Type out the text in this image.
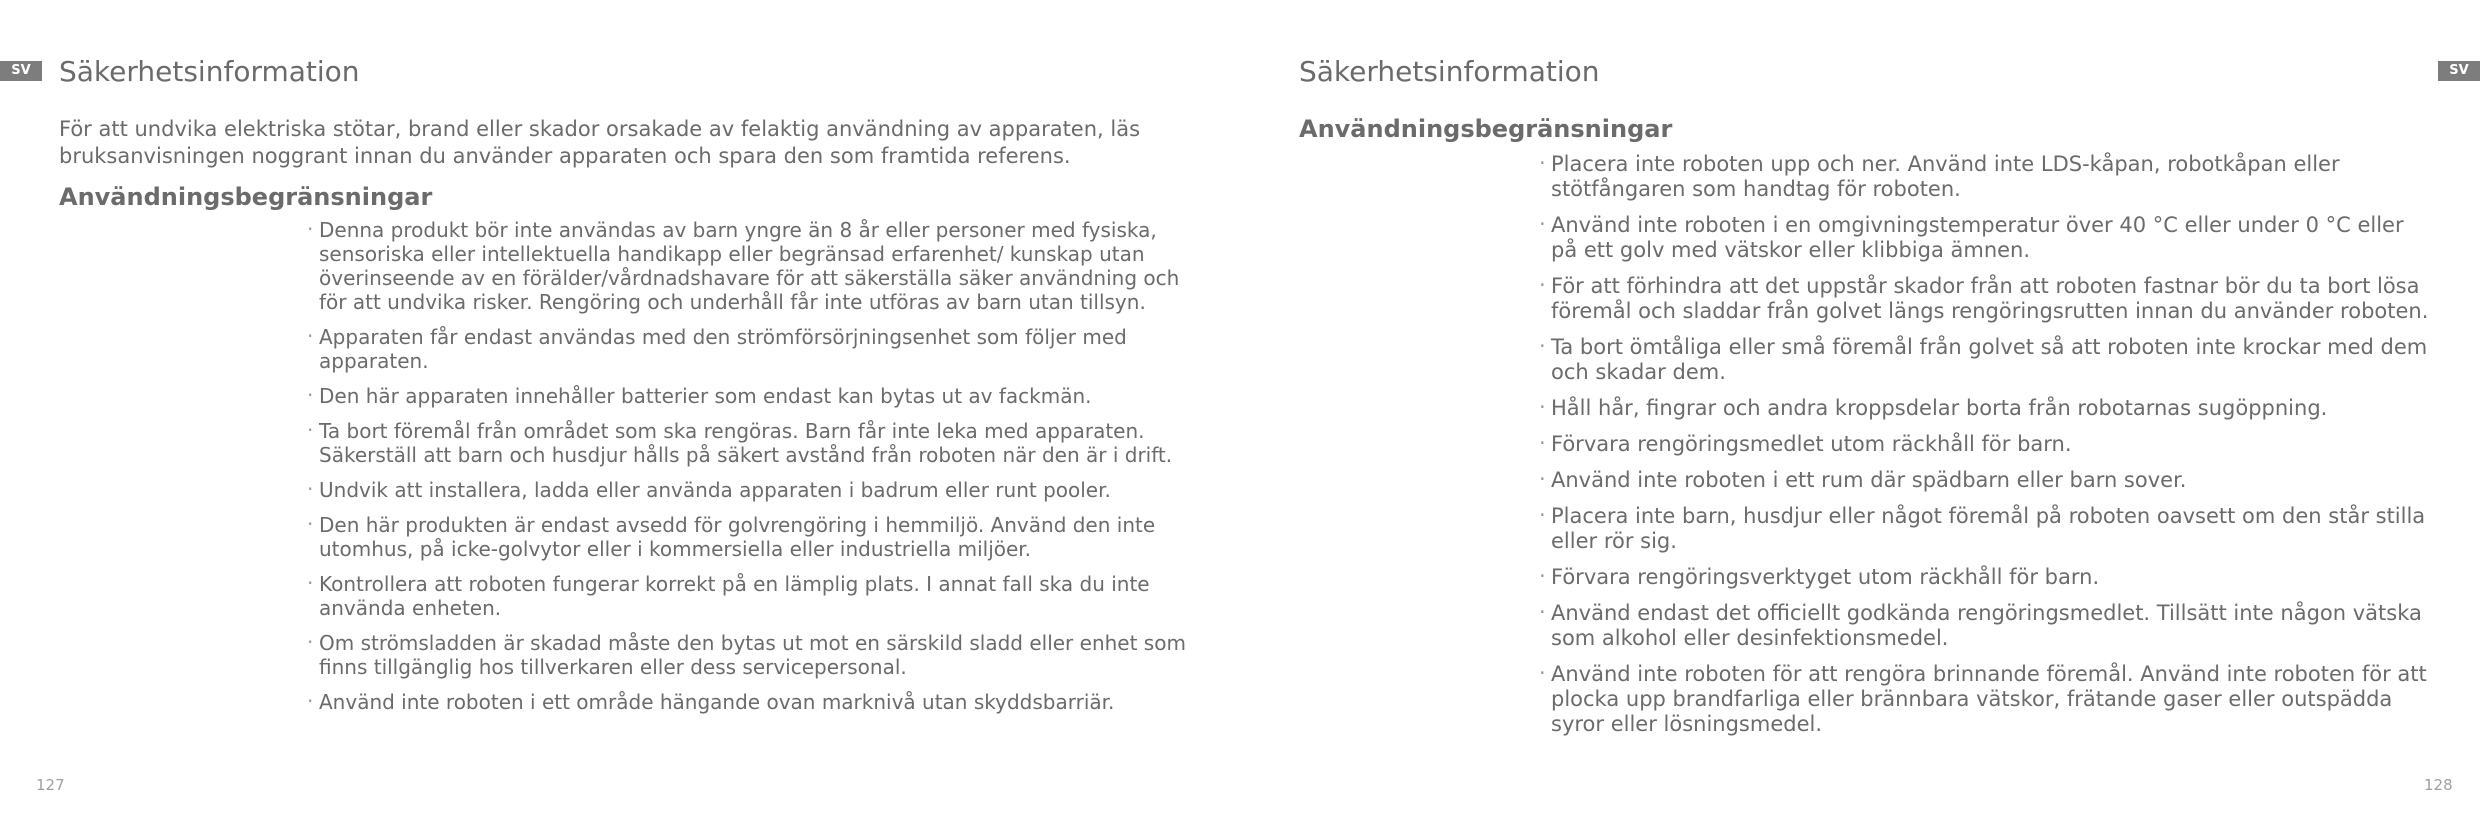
SV	Säkerhetsinformation

För att undvika elektriska stötar, brand eller skador orsakade av felaktig användning av apparaten, läs bruksanvisningen noggrant innan du använder apparaten och spara den som framtida referens.

Användningsbegränsningar
· Denna produkt bör inte användas av barn yngre än 8 år eller personer med fysiska, sensoriska eller intellektuella handikapp eller begränsad erfarenhet/ kunskap utan överinseende av en förälder/vårdnadshavare för att säkerställa säker användning och för att undvika risker. Rengöring och underhåll får inte utföras av barn utan tillsyn.
· Apparaten får endast användas med den strömförsörjningsenhet som följer med apparaten.
· Den här apparaten innehåller batterier som endast kan bytas ut av fackmän.
· Ta bort föremål från området som ska rengöras. Barn får inte leka med apparaten. Säkerställ att barn och husdjur hålls på säkert avstånd från roboten när den är i drift.
· Undvik att installera, ladda eller använda apparaten i badrum eller runt pooler.
· Den här produkten är endast avsedd för golvrengöring i hemmiljö. Använd den inte utomhus, på icke-golvytor eller i kommersiella eller industriella miljöer.
· Kontrollera att roboten fungerar korrekt på en lämplig plats. I annat fall ska du inte använda enheten.
· Om strömsladden är skadad måste den bytas ut mot en särskild sladd eller enhet som finns tillgänglig hos tillverkaren eller dess servicepersonal.
· Använd inte roboten i ett område hängande ovan marknivå utan skyddsbarriär.
127
SV
Säkerhetsinformation
Användningsbegränsningar
· Placera inte roboten upp och ner. Använd inte LDS-kåpan, robotkåpan eller stötfångaren som handtag för roboten.
· Använd inte roboten i en omgivningstemperatur över 40 °C eller under 0 °C eller på ett golv med vätskor eller klibbiga ämnen.
· För att förhindra att det uppstår skador från att roboten fastnar bör du ta bort lösa föremål och sladdar från golvet längs rengöringsrutten innan du använder roboten.
· Ta bort ömtåliga eller små föremål från golvet så att roboten inte krockar med dem och skadar dem.
· Håll hår, fingrar och andra kroppsdelar borta från robotarnas sugöppning.
· Förvara rengöringsmedlet utom räckhåll för barn.
· Använd inte roboten i ett rum där spädbarn eller barn sover.
· Placera inte barn, husdjur eller något föremål på roboten oavsett om den står stilla eller rör sig.
· Förvara rengöringsverktyget utom räckhåll för barn.
· Använd endast det officiellt godkända rengöringsmedlet. Tillsätt inte någon vätska som alkohol eller desinfektionsmedel.
· Använd inte roboten för att rengöra brinnande föremål. Använd inte roboten för att plocka upp brandfarliga eller brännbara vätskor, frätande gaser eller outspädda syror eller lösningsmedel.
128
